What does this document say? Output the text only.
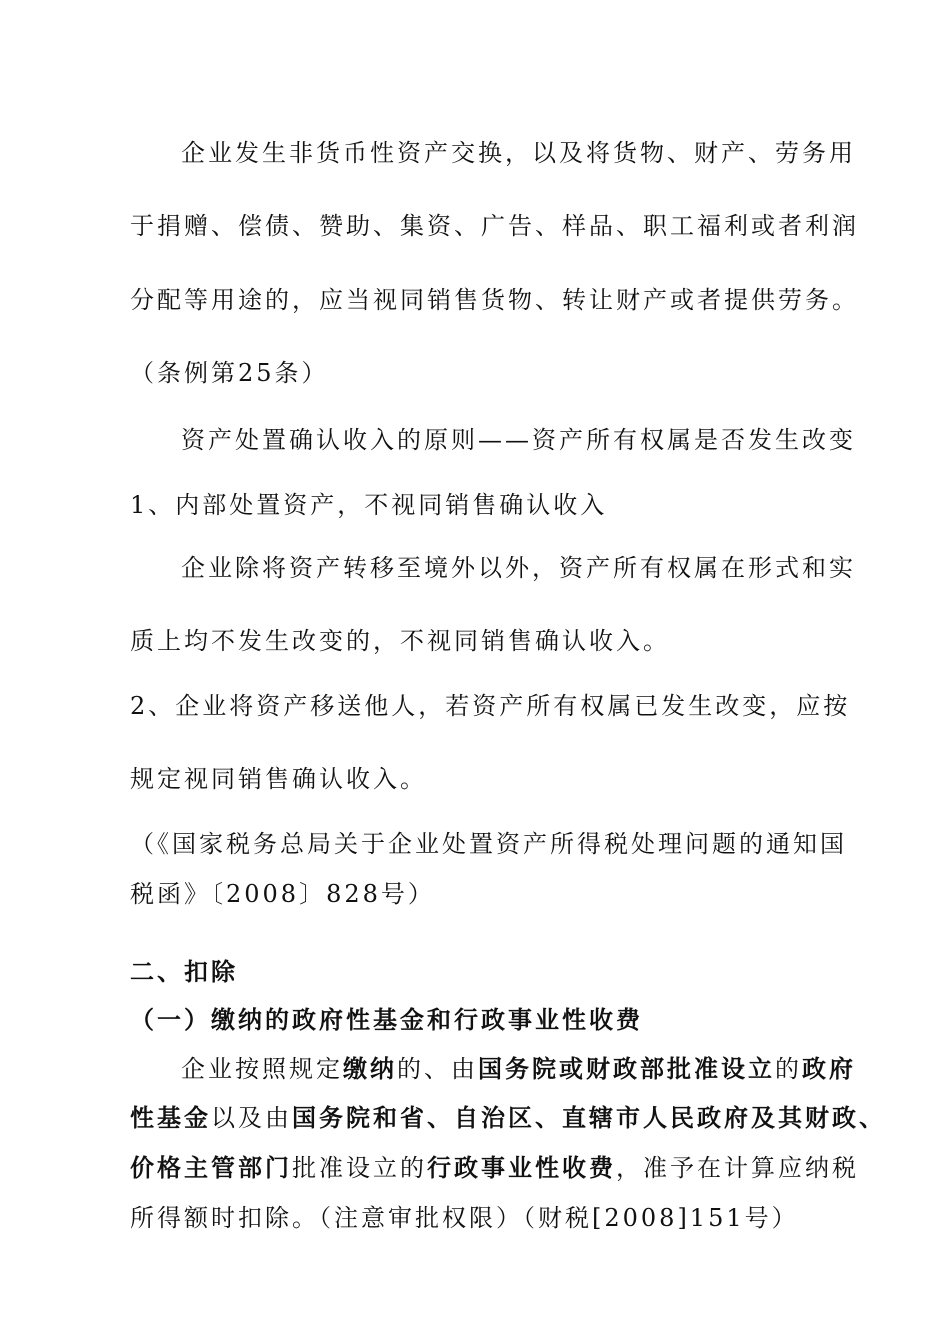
企业发生非货币性资产交换，以及将货物、财产、劳务用
于捐赠、偿债、赞助、集资、广告、样品、职工福利或者利润
分配等用途的，应当视同销售货物、转让财产或者提供劳务。
（条例第25条）
资产处置确认收入的原则——资产所有权属是否发生改变
1、内部处置资产，不视同销售确认收入
企业除将资产转移至境外以外，资产所有权属在形式和实
质上均不发生改变的，不视同销售确认收入。
2、企业将资产移送他人，若资产所有权属已发生改变，应按
规定视同销售确认收入。
（《国家税务总局关于企业处置资产所得税处理问题的通知国
税函》〔2008〕828号）
二、扣除
（一）缴纳的政府性基金和行政事业性收费
企业按照规定缴纳的、由国务院或财政部批准设立的政府
性基金以及由国务院和省、自治区、直辖市人民政府及其财政、
价格主管部门批准设立的行政事业性收费，准予在计算应纳税
所得额时扣除。（注意审批权限）（财税[2008]151号）
